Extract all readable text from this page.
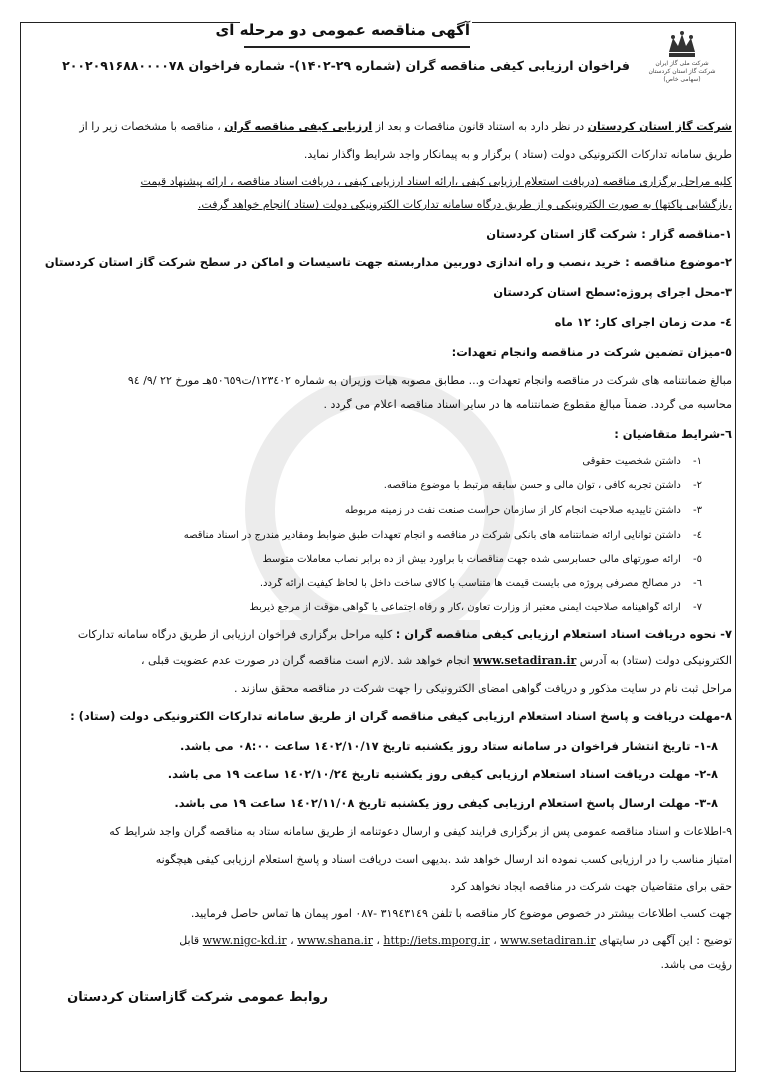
آگهی مناقصه عمومی دو مرحله ای
شرکت ملی گاز ایران
شرکت گاز استان کردستان
(سهامی خاص)
فراخوان ارزیابی کیفی مناقصه گران (شماره ۲۹-۱۴۰۲)- شماره فراخوان ۲۰۰۲۰۹۱۶۸۸۰۰۰۰۷۸
شرکت گاز استان کردستان در نظر دارد به استناد قانون مناقصات و بعد از ارزیابی کیفی مناقصه گران ، مناقصه با مشخصات زیر را از
طریق سامانه تدارکات الکترونیکی دولت (ستاد ) برگزار و به پیمانکار واجد شرایط واگذار نماید.
کلیه مراحل برگزاری مناقصه (دریافت استعلام ارزیابی کیفی ،ارائه اسناد ارزیابی کیفی ، دریافت اسناد مناقصه ، ارائه پیشنهاد قیمت
،بازگشایی پاکتها) به صورت الکترونیکی و از طریق درگاه سامانه تدارکات الکترونیکی دولت (ستاد )انجام خواهد گرفت.
۱-مناقصه گزار : شرکت گاز استان کردستان
۲-موضوع مناقصه : خرید ،نصب و راه اندازی دوربین مداربسته جهت تاسیسات و اماکن در سطح شرکت گاز استان کردستان
۳-محل اجرای پروژه:سطح استان کردستان
٤- مدت زمان اجرای کار: ۱۲ ماه
٥-میزان تضمین شرکت در مناقصه وانجام تعهدات:
مبالغ ضمانتنامه های شرکت در مناقصه وانجام تعهدات و... مطابق مصوبه هیات وزیران به شماره ۱۲۳٤۰۲/ت٥٠٦٥٩هـ مورخ ۲۲ /۹/ ۹٤
محاسبه می گردد. ضمناً مبالغ مقطوع ضمانتنامه ها در سایر اسناد مناقصه اعلام می گردد .
٦-شرایط متقاضیان :
۱- داشتن شخصیت حقوقی
۲- داشتن تجربه کافی ، توان مالی و حسن سابقه مرتبط با موضوع مناقصه.
۳- داشتن تاییدیه صلاحیت انجام کار از سازمان حراست صنعت نفت در زمینه مربوطه
٤- داشتن توانایی ارائه ضمانتنامه های بانکی شرکت در مناقصه و انجام تعهدات طبق ضوابط ومقادیر مندرج در اسناد مناقصه
٥- ارائه صورتهای مالی حسابرسی شده جهت مناقصات با برآورد بیش از ده برابر نصاب معاملات متوسط
٦- در مصالح مصرفی پروژه می بایست قیمت ها متناسب با کالای ساخت داخل با لحاظ کیفیت ارائه گردد.
۷- ارائه گواهینامه صلاحیت ایمنی معتبر از وزارت تعاون ،کار و رفاه اجتماعی یا گواهی موقت از مرجع ذیربط
۷- نحوه دریافت اسناد استعلام ارزیابی کیفی مناقصه گران : کلیه مراحل برگزاری فراخوان ارزیابی از طریق درگاه سامانه تدارکات
الکترونیکی دولت (ستاد) به آدرس www.setadiran.ir انجام خواهد شد .لازم است مناقصه گران در صورت عدم عضویت قبلی ،
مراحل ثبت نام در سایت مذکور و دریافت گواهی امضای الکترونیکی را جهت شرکت در مناقصه محقق سازند .
۸-مهلت دریافت و پاسخ اسناد استعلام ارزیابی کیفی مناقصه گران از طریق سامانه تدارکات الکترونیکی دولت (ستاد) :
۱-۸- تاریخ انتشار فراخوان در سامانه ستاد روز یکشنبه تاریخ ۱٤۰۲/۱۰/۱۷ ساعت ۰۸:۰۰ می باشد.
۲-۸- مهلت دریافت اسناد استعلام ارزیابی کیفی روز یکشنبه تاریخ ۱٤۰۲/۱۰/۲٤ ساعت ۱۹ می باشد.
۳-۸- مهلت ارسال پاسخ استعلام ارزیابی کیفی روز یکشنبه تاریخ ۱٤۰۲/۱۱/۰۸ ساعت ۱۹ می باشد.
۹-اطلاعات و اسناد مناقصه عمومی پس از برگزاری فرایند کیفی و ارسال دعوتنامه از طریق سامانه ستاد به مناقصه گران واجد شرایط که
امتیاز مناسب را در ارزیابی کسب نموده اند ارسال خواهد شد .بدیهی است دریافت اسناد و پاسخ استعلام ارزیابی کیفی هیچگونه
حقی برای متقاضیان جهت شرکت در مناقصه ایجاد نخواهد کرد
جهت کسب اطلاعات بیشتر در خصوص موضوع کار مناقصه با تلفن ۳۱۹٤۳۱٤۹ -۰۸۷ امور پیمان ها تماس حاصل فرمایید.
توضیح : این آگهی در سایتهای www.nigc-kd.ir ، www.shana.ir ، http://iets.mporg.ir ، www.setadiran.ir قابل
رؤیت می باشد.
روابط عمومی شرکت گازاستان کردستان
